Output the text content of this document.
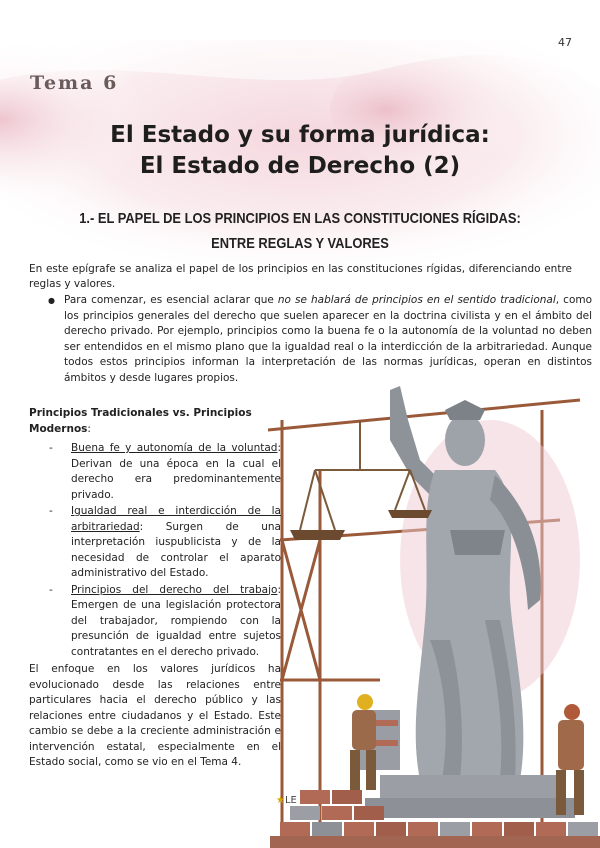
47
Tema 6
El Estado y su forma jurídica:
El Estado de Derecho (2)
1.- EL PAPEL DE LOS PRINCIPIOS EN LAS CONSTITUCIONES RÍGIDAS: ENTRE REGLAS Y VALORES

En este epígrafe se analiza el papel de los principios en las constituciones rígidas, diferenciando entre reglas y valores.

● Para comenzar, es esencial aclarar que no se hablará de principios en el sentido tradicional, como los principios generales del derecho que suelen aparecer en la doctrina civilista y en el ámbito del derecho privado. Por ejemplo, principios como la buena fe o la autonomía de la voluntad no deben ser entendidos en el mismo plano que la igualdad real o la interdicción de la arbitrariedad. Aunque todos estos principios informan la interpretación de las normas jurídicas, operan en distintos ámbitos y desde lugares propios.

Principios Tradicionales vs. Principios Modernos:

-	Buena fe y autonomía de la voluntad: Derivan de una época en la cual el derecho era predominantemente privado.
-	Igualdad real e interdicción de la arbitrariedad: Surgen de una interpretación iuspublicista y de la necesidad de controlar el aparato administrativo del Estado.
-	Principios del derecho del trabajo: Emergen de una legislación protectora del trabajador, rompiendo con la presunción de igualdad entre sujetos contratantes en el derecho privado.

El enfoque en los valores jurídicos ha evolucionado desde las relaciones entre particulares hacia el derecho público y las relaciones entre ciudadanos y el Estado. Este cambio se debe a la creciente administración e intervención estatal, especialmente en el Estado social, como se vio en el Tema 4.

★LE
